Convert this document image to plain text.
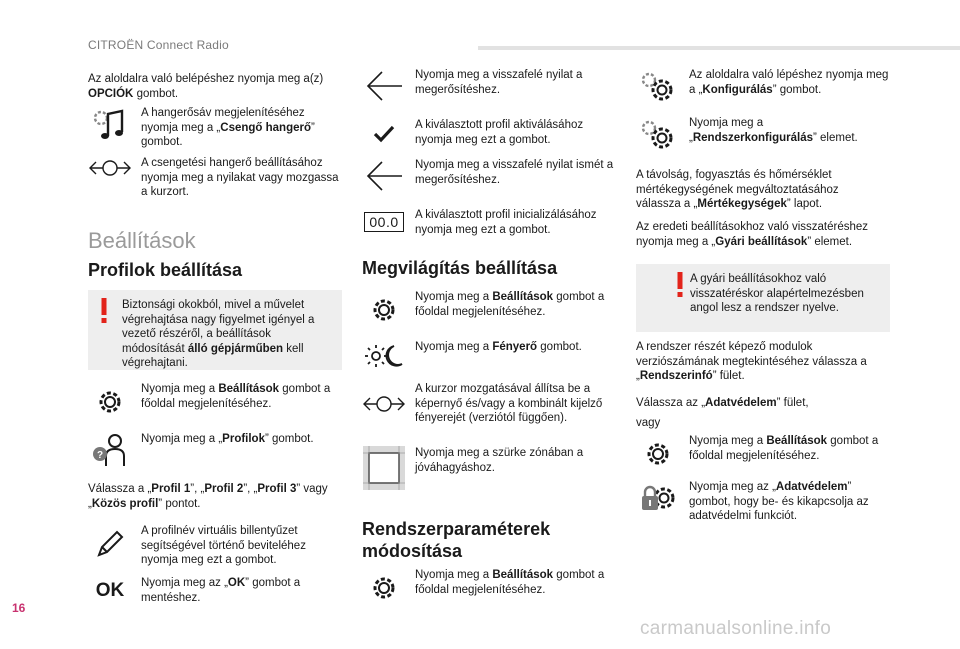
CITROËN Connect Radio

Az aloldalra való belépéshez nyomja meg a(z) OPCIÓK gombot.

A hangerősáv megjelenítéséhez nyomja meg a „Csengő hangerő” gombot.

A csengetési hangerő beállításához nyomja meg a nyilakat vagy mozgassa a kurzort.

Beállítások
Profilok beállítása

Biztonsági okokból, mivel a művelet végrehajtása nagy figyelmet igényel a vezető részéről, a beállítások módosítását álló gépjárműben kell végrehajtani.

Nyomja meg a Beállítások gombot a főoldal megjelenítéséhez.

?

Nyomja meg a „Profilok” gombot.

Válassza a „Profil 1”, „Profil 2”, „Profil 3” vagy „Közös profil” pontot.

A profilnév virtuális billentyűzet segítségével történő beviteléhez nyomja meg ezt a gombot.

OK	Nyomja meg az „OK” gombot a mentéshez.

Nyomja meg a visszafelé nyilat a megerősítéshez.

A kiválasztott profil aktiválásához nyomja meg ezt a gombot.

Nyomja meg a visszafelé nyilat ismét a megerősítéshez.

00.0	A kiválasztott profil inicializálásához nyomja meg ezt a gombot.

Megvilágítás beállítása

Nyomja meg a Beállítások gombot a főoldal megjelenítéséhez.

Nyomja meg a Fényerő gombot.

A kurzor mozgatásával állítsa be a képernyő és/vagy a kombinált kijelző fényerejét (verziótól függően).

Nyomja meg a szürke zónában a jóváhagyáshoz.

Rendszerparaméterek
módosítása

Nyomja meg a Beállítások gombot a főoldal megjelenítéséhez.

Az aloldalra való lépéshez nyomja meg a „Konfigurálás” gombot.

Nyomja meg a „Rendszerkonfigurálás” elemet.

A távolság, fogyasztás és hőmérséklet mértékegységének megváltoztatásához válassza a „Mértékegységek” lapot.

Az eredeti beállításokhoz való visszatéréshez nyomja meg a „Gyári beállítások” elemet.

A gyári beállításokhoz való visszatéréskor alapértelmezésben angol lesz a rendszer nyelve.

A rendszer részét képező modulok verziószámának megtekintéséhez válassza a „Rendszerinfó” fület.

Válassza az „Adatvédelem” fület,

vagy

Nyomja meg a Beállítások gombot a főoldal megjelenítéséhez.

Nyomja meg az „Adatvédelem” gombot, hogy be- és kikapcsolja az adatvédelmi funkciót.

16
carmanualsonline.info
